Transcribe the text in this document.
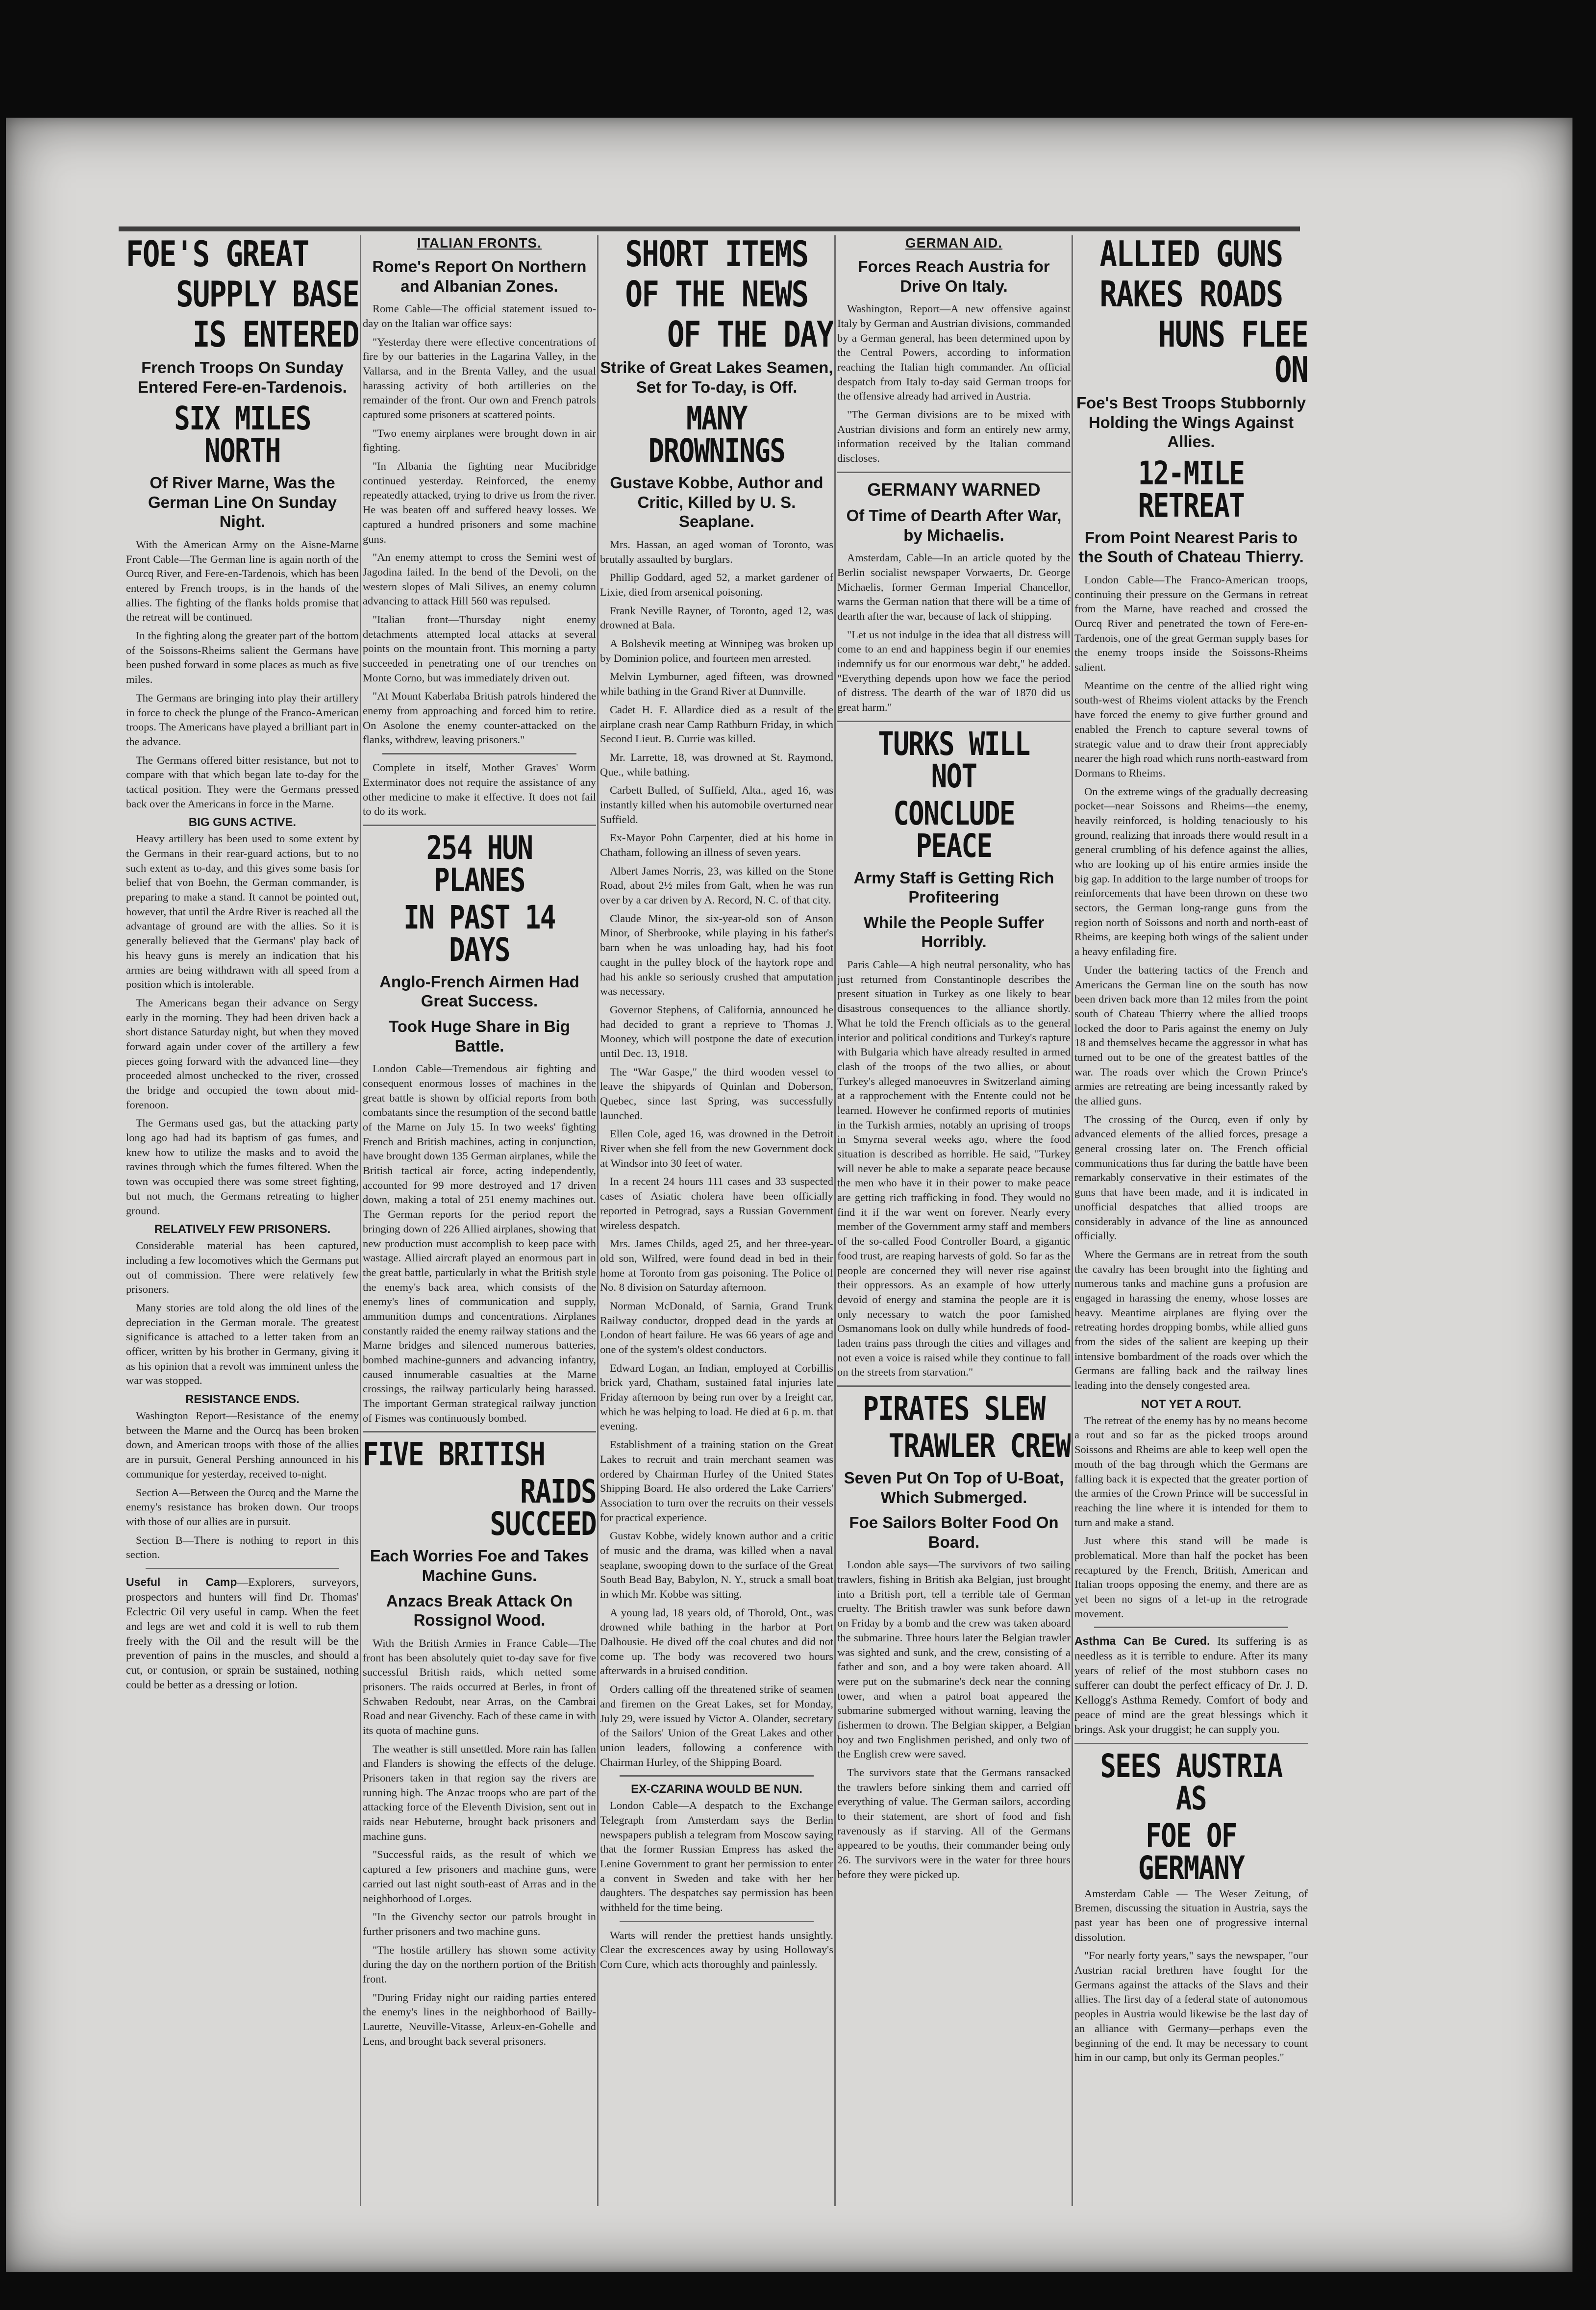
FOE'S GREAT
SUPPLY BASE
IS ENTERED
French Troops On Sunday Entered Fere-en-Tardenois.
SIX MILES NORTH
Of River Marne, Was the German Line On Sunday Night.

With the American Army on the Aisne-Marne Front Cable—The German line is again north of the Ourcq River, and Fere-en-Tardenois, which has been entered by French troops, is in the hands of the allies. The fighting of the flanks holds promise that the retreat will be continued.

In the fighting along the greater part of the bottom of the Soissons-Rheims salient the Germans have been pushed forward in some places as much as five miles.

The Germans are bringing into play their artillery in force to check the plunge of the Franco-American troops. The Americans have played a brilliant part in the advance.

The Germans offered bitter resistance, but not to compare with that which began late to-day for the tactical position. They were the Germans pressed back over the Americans in force in the Marne.

BIG GUNS ACTIVE.

Heavy artillery has been used to some extent by the Germans in their rear-guard actions, but to no such extent as to-day, and this gives some basis for belief that von Boehn, the German commander, is preparing to make a stand. It cannot be pointed out, however, that until the Ardre River is reached all the advantage of ground are with the allies. So it is generally believed that the Germans' play back of his heavy guns is merely an indication that his armies are being withdrawn with all speed from a position which is intolerable.

The Americans began their advance on Sergy early in the morning. They had been driven back a short distance Saturday night, but when they moved forward again under cover of the artillery a few pieces going forward with the advanced line—they proceeded almost unchecked to the river, crossed the bridge and occupied the town about mid-forenoon.

The Germans used gas, but the attacking party long ago had had its baptism of gas fumes, and knew how to utilize the masks and to avoid the ravines through which the fumes filtered. When the town was occupied there was some street fighting, but not much, the Germans retreating to higher ground.

RELATIVELY FEW PRISONERS.

Considerable material has been captured, including a few locomotives which the Germans put out of commission. There were relatively few prisoners.

Many stories are told along the old lines of the depreciation in the German morale. The greatest significance is attached to a letter taken from an officer, written by his brother in Germany, giving it as his opinion that a revolt was imminent unless the war was stopped.

RESISTANCE ENDS.

Washington Report—Resistance of the enemy between the Marne and the Ourcq has been broken down, and American troops with those of the allies are in pursuit, General Pershing announced in his communique for yesterday, received to-night.

Section A—Between the Ourcq and the Marne the enemy's resistance has broken down. Our troops with those of our allies are in pursuit.

Section B—There is nothing to report in this section.

Useful in Camp—Explorers, surveyors, prospectors and hunters will find Dr. Thomas' Eclectric Oil very useful in camp. When the feet and legs are wet and cold it is well to rub them freely with the Oil and the result will be the prevention of pains in the muscles, and should a cut, or contusion, or sprain be sustained, nothing could be better as a dressing or lotion.

ITALIAN FRONTS.
Rome's Report On Northern and Albanian Zones.

Rome Cable—The official statement issued to-day on the Italian war office says:

"Yesterday there were effective concentrations of fire by our batteries in the Lagarina Valley, in the Vallarsa, and in the Brenta Valley, and the usual harassing activity of both artilleries on the remainder of the front. Our own and French patrols captured some prisoners at scattered points.

"Two enemy airplanes were brought down in air fighting.

"In Albania the fighting near Mucibridge continued yesterday. Reinforced, the enemy repeatedly attacked, trying to drive us from the river. He was beaten off and suffered heavy losses. We captured a hundred prisoners and some machine guns.

"An enemy attempt to cross the Semini west of Jagodina failed. In the bend of the Devoli, on the western slopes of Mali Silives, an enemy column advancing to attack Hill 560 was repulsed.

"Italian front—Thursday night enemy detachments attempted local attacks at several points on the mountain front. This morning a party succeeded in penetrating one of our trenches on Monte Corno, but was immediately driven out.

"At Mount Kaberlaba British patrols hindered the enemy from approaching and forced him to retire. On Asolone the enemy counter-attacked on the flanks, withdrew, leaving prisoners."

Complete in itself, Mother Graves' Worm Exterminator does not require the assistance of any other medicine to make it effective. It does not fail to do its work.

254 HUN PLANES
IN PAST 14 DAYS
Anglo-French Airmen Had Great Success.
Took Huge Share in Big Battle.

London Cable—Tremendous air fighting and consequent enormous losses of machines in the great battle is shown by official reports from both combatants since the resumption of the second battle of the Marne on July 15. In two weeks' fighting French and British machines, acting in conjunction, have brought down 135 German airplanes, while the British tactical air force, acting independently, accounted for 99 more destroyed and 17 driven down, making a total of 251 enemy machines out. The German reports for the period report the bringing down of 226 Allied airplanes, showing that new production must accomplish to keep pace with wastage. Allied aircraft played an enormous part in the great battle, particularly in what the British style the enemy's back area, which consists of the enemy's lines of communication and supply, ammunition dumps and concentrations. Airplanes constantly raided the enemy railway stations and the Marne bridges and silenced numerous batteries, bombed machine-gunners and advancing infantry, caused innumerable casualties at the Marne crossings, the railway particularly being harassed. The important German strategical railway junction of Fismes was continuously bombed.

FIVE BRITISH
RAIDS SUCCEED
Each Worries Foe and Takes Machine Guns.
Anzacs Break Attack On Rossignol Wood.

With the British Armies in France Cable—The front has been absolutely quiet to-day save for five successful British raids, which netted some prisoners. The raids occurred at Berles, in front of Schwaben Redoubt, near Arras, on the Cambrai Road and near Givenchy. Each of these came in with its quota of machine guns.

The weather is still unsettled. More rain has fallen and Flanders is showing the effects of the deluge. Prisoners taken in that region say the rivers are running high. The Anzac troops who are part of the attacking force of the Eleventh Division, sent out in raids near Hebuterne, brought back prisoners and machine guns.

"Successful raids, as the result of which we captured a few prisoners and machine guns, were carried out last night south-east of Arras and in the neighborhood of Lorges.

"In the Givenchy sector our patrols brought in further prisoners and two machine guns.

"The hostile artillery has shown some activity during the day on the northern portion of the British front.

"During Friday night our raiding parties entered the enemy's lines in the neighborhood of Bailly-Laurette, Neuville-Vitasse, Arleux-en-Gohelle and Lens, and brought back several prisoners.

SHORT ITEMS
OF THE NEWS
OF THE DAY
Strike of Great Lakes Seamen, Set for To-day, is Off.
MANY DROWNINGS
Gustave Kobbe, Author and Critic, Killed by U. S. Seaplane.

Mrs. Hassan, an aged woman of Toronto, was brutally assaulted by burglars.

Phillip Goddard, aged 52, a market gardener of Lixie, died from arsenical poisoning.

Frank Neville Rayner, of Toronto, aged 12, was drowned at Bala.

A Bolshevik meeting at Winnipeg was broken up by Dominion police, and fourteen men arrested.

Melvin Lymburner, aged fifteen, was drowned while bathing in the Grand River at Dunnville.

Cadet H. F. Allardice died as a result of the airplane crash near Camp Rathburn Friday, in which Second Lieut. B. Currie was killed.

Mr. Larrette, 18, was drowned at St. Raymond, Que., while bathing.

Carbett Bulled, of Suffield, Alta., aged 16, was instantly killed when his automobile overturned near Suffield.

Ex-Mayor Pohn Carpenter, died at his home in Chatham, following an illness of seven years.

Albert James Norris, 23, was killed on the Stone Road, about 2½ miles from Galt, when he was run over by a car driven by A. Record, N. C. of that city.

Claude Minor, the six-year-old son of Anson Minor, of Sherbrooke, while playing in his father's barn when he was unloading hay, had his foot caught in the pulley block of the haytork rope and had his ankle so seriously crushed that amputation was necessary.

Governor Stephens, of California, announced he had decided to grant a reprieve to Thomas J. Mooney, which will postpone the date of execution until Dec. 13, 1918.

The "War Gaspe," the third wooden vessel to leave the shipyards of Quinlan and Doberson, Quebec, since last Spring, was successfully launched.

Ellen Cole, aged 16, was drowned in the Detroit River when she fell from the new Government dock at Windsor into 30 feet of water.

In a recent 24 hours 111 cases and 33 suspected cases of Asiatic cholera have been officially reported in Petrograd, says a Russian Government wireless despatch.

Mrs. James Childs, aged 25, and her three-year-old son, Wilfred, were found dead in bed in their home at Toronto from gas poisoning. The Police of No. 8 division on Saturday afternoon.

Norman McDonald, of Sarnia, Grand Trunk Railway conductor, dropped dead in the yards at London of heart failure. He was 66 years of age and one of the system's oldest conductors.

Edward Logan, an Indian, employed at Corbillis brick yard, Chatham, sustained fatal injuries late Friday afternoon by being run over by a freight car, which he was helping to load. He died at 6 p. m. that evening.

Establishment of a training station on the Great Lakes to recruit and train merchant seamen was ordered by Chairman Hurley of the United States Shipping Board. He also ordered the Lake Carriers' Association to turn over the recruits on their vessels for practical experience.

Gustav Kobbe, widely known author and a critic of music and the drama, was killed when a naval seaplane, swooping down to the surface of the Great South Bead Bay, Babylon, N. Y., struck a small boat in which Mr. Kobbe was sitting.

A young lad, 18 years old, of Thorold, Ont., was drowned while bathing in the harbor at Port Dalhousie. He dived off the coal chutes and did not come up. The body was recovered two hours afterwards in a bruised condition.

Orders calling off the threatened strike of seamen and firemen on the Great Lakes, set for Monday, July 29, were issued by Victor A. Olander, secretary of the Sailors' Union of the Great Lakes and other union leaders, following a conference with Chairman Hurley, of the Shipping Board.

EX-CZARINA WOULD BE NUN.

London Cable—A despatch to the Exchange Telegraph from Amsterdam says the Berlin newspapers publish a telegram from Moscow saying that the former Russian Empress has asked the Lenine Government to grant her permission to enter a convent in Sweden and take with her her daughters. The despatches say permission has been withheld for the time being.

Warts will render the prettiest hands unsightly. Clear the excrescences away by using Holloway's Corn Cure, which acts thoroughly and painlessly.

GERMAN AID.
Forces Reach Austria for Drive On Italy.

Washington, Report—A new offensive against Italy by German and Austrian divisions, commanded by a German general, has been determined upon by the Central Powers, according to information reaching the Italian high commander. An official despatch from Italy to-day said German troops for the offensive already had arrived in Austria.

"The German divisions are to be mixed with Austrian divisions and form an entirely new army, information received by the Italian command discloses.

GERMANY WARNED
Of Time of Dearth After War, by Michaelis.

Amsterdam, Cable—In an article quoted by the Berlin socialist newspaper Vorwaerts, Dr. George Michaelis, former German Imperial Chancellor, warns the German nation that there will be a time of dearth after the war, because of lack of shipping.

"Let us not indulge in the idea that all distress will come to an end and happiness begin if our enemies indemnify us for our enormous war debt," he added. "Everything depends upon how we face the period of distress. The dearth of the war of 1870 did us great harm."

TURKS WILL NOT
CONCLUDE PEACE
Army Staff is Getting Rich Profiteering
While the People Suffer Horribly.

Paris Cable—A high neutral personality, who has just returned from Constantinople describes the present situation in Turkey as one likely to bear disastrous consequences to the alliance shortly. What he told the French officials as to the general interior and political conditions and Turkey's rapture with Bulgaria which have already resulted in armed clash of the troops of the two allies, or about Turkey's alleged manoeuvres in Switzerland aiming at a rapprochement with the Entente could not be learned. However he confirmed reports of mutinies in the Turkish armies, notably an uprising of troops in Smyrna several weeks ago, where the food situation is described as horrible. He said, "Turkey will never be able to make a separate peace because the men who have it in their power to make peace are getting rich trafficking in food. They would no find it if the war went on forever. Nearly every member of the Government army staff and members of the so-called Food Controller Board, a gigantic food trust, are reaping harvests of gold. So far as the people are concerned they will never rise against their oppressors. As an example of how utterly devoid of energy and stamina the people are it is only necessary to watch the poor famished Osmanomans look on dully while hundreds of food-laden trains pass through the cities and villages and not even a voice is raised while they continue to fall on the streets from starvation."

PIRATES SLEW
TRAWLER CREW
Seven Put On Top of U-Boat, Which Submerged.
Foe Sailors Bolter Food On Board.

London able says—The survivors of two sailing trawlers, fishing in British aka Belgian, just brought into a British port, tell a terrible tale of German cruelty. The British trawler was sunk before dawn on Friday by a bomb and the crew was taken aboard the submarine. Three hours later the Belgian trawler was sighted and sunk, and the crew, consisting of a father and son, and a boy were taken aboard. All were put on the submarine's deck near the conning tower, and when a patrol boat appeared the submarine submerged without warning, leaving the fishermen to drown. The Belgian skipper, a Belgian boy and two Englishmen perished, and only two of the English crew were saved.

The survivors state that the Germans ransacked the trawlers before sinking them and carried off everything of value. The German sailors, according to their statement, are short of food and fish ravenously as if starving. All of the Germans appeared to be youths, their commander being only 26. The survivors were in the water for three hours before they were picked up.

ALLIED GUNS
RAKES ROADS
HUNS FLEE ON
Foe's Best Troops Stubbornly Holding the Wings Against Allies.
12-MILE RETREAT
From Point Nearest Paris to the South of Chateau Thierry.

London Cable—The Franco-American troops, continuing their pressure on the Germans in retreat from the Marne, have reached and crossed the Ourcq River and penetrated the town of Fere-en-Tardenois, one of the great German supply bases for the enemy troops inside the Soissons-Rheims salient.

Meantime on the centre of the allied right wing south-west of Rheims violent attacks by the French have forced the enemy to give further ground and enabled the French to capture several towns of strategic value and to draw their front appreciably nearer the high road which runs north-eastward from Dormans to Rheims.

On the extreme wings of the gradually decreasing pocket—near Soissons and Rheims—the enemy, heavily reinforced, is holding tenaciously to his ground, realizing that inroads there would result in a general crumbling of his defence against the allies, who are looking up of his entire armies inside the big gap. In addition to the large number of troops for reinforcements that have been thrown on these two sectors, the German long-range guns from the region north of Soissons and north and north-east of Rheims, are keeping both wings of the salient under a heavy enfilading fire.

Under the battering tactics of the French and Americans the German line on the south has now been driven back more than 12 miles from the point south of Chateau Thierry where the allied troops locked the door to Paris against the enemy on July 18 and themselves became the aggressor in what has turned out to be one of the greatest battles of the war. The roads over which the Crown Prince's armies are retreating are being incessantly raked by the allied guns.

The crossing of the Ourcq, even if only by advanced elements of the allied forces, presage a general crossing later on. The French official communications thus far during the battle have been remarkably conservative in their estimates of the guns that have been made, and it is indicated in unofficial despatches that allied troops are considerably in advance of the line as announced officially.

Where the Germans are in retreat from the south the cavalry has been brought into the fighting and numerous tanks and machine guns a profusion are engaged in harassing the enemy, whose losses are heavy. Meantime airplanes are flying over the retreating hordes dropping bombs, while allied guns from the sides of the salient are keeping up their intensive bombardment of the roads over which the Germans are falling back and the railway lines leading into the densely congested area.

NOT YET A ROUT.

The retreat of the enemy has by no means become a rout and so far as the picked troops around Soissons and Rheims are able to keep well open the mouth of the bag through which the Germans are falling back it is expected that the greater portion of the armies of the Crown Prince will be successful in reaching the line where it is intended for them to turn and make a stand.

Just where this stand will be made is problematical. More than half the pocket has been recaptured by the French, British, American and Italian troops opposing the enemy, and there are as yet been no signs of a let-up in the retrograde movement.

Asthma Can Be Cured. Its suffering is as needless as it is terrible to endure. After its many years of relief of the most stubborn cases no sufferer can doubt the perfect efficacy of Dr. J. D. Kellogg's Asthma Remedy. Comfort of body and peace of mind are the great blessings which it brings. Ask your druggist; he can supply you.

SEES AUSTRIA AS
FOE OF GERMANY

Amsterdam Cable — The Weser Zeitung, of Bremen, discussing the situation in Austria, says the past year has been one of progressive internal dissolution.

"For nearly forty years," says the newspaper, "our Austrian racial brethren have fought for the Germans against the attacks of the Slavs and their allies. The first day of a federal state of autonomous peoples in Austria would likewise be the last day of an alliance with Germany—perhaps even the beginning of the end. It may be necessary to count him in our camp, but only its German peoples."
